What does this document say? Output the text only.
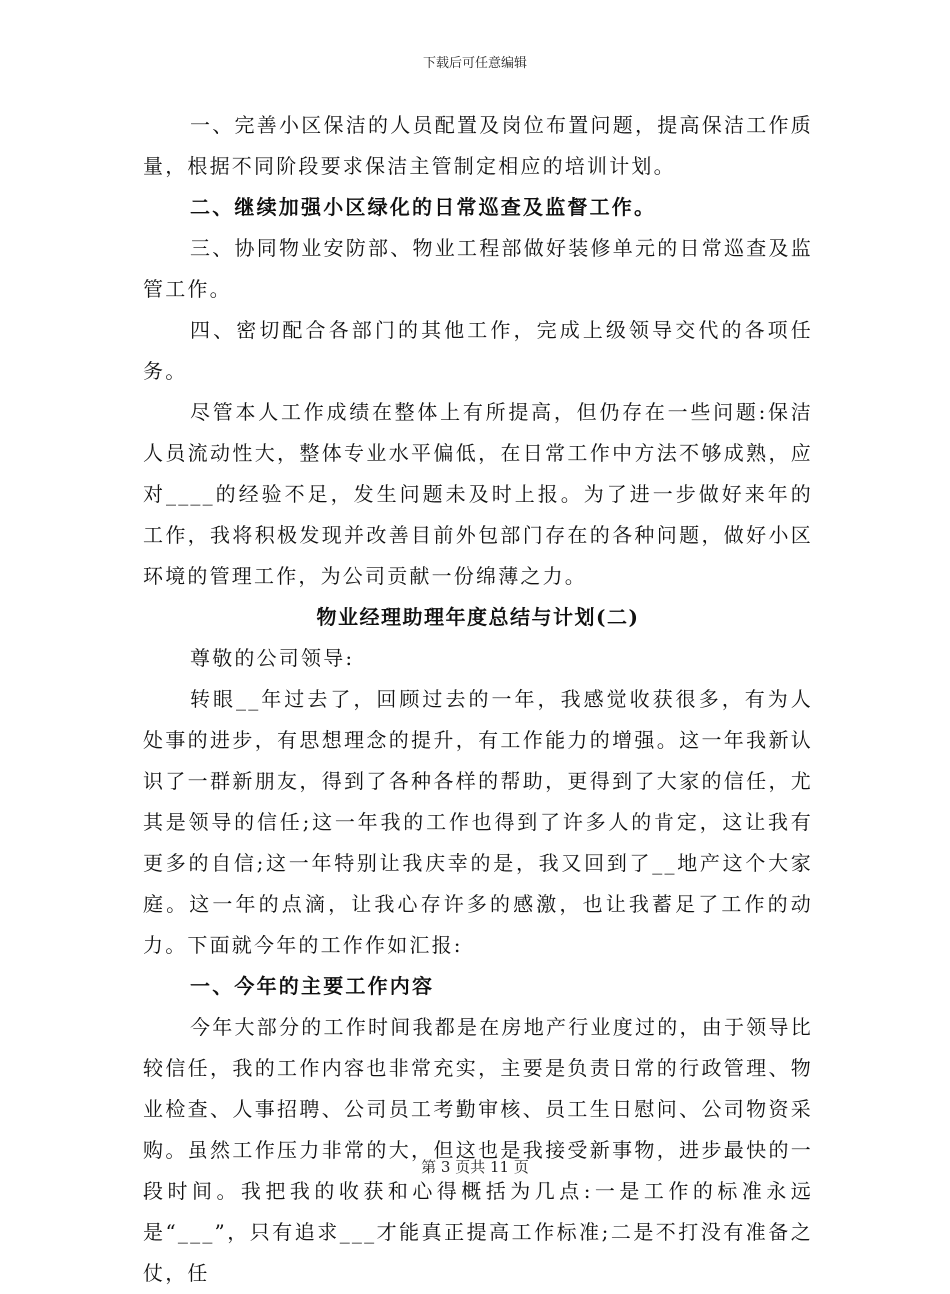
下载后可任意编辑

一、完善小区保洁的人员配置及岗位布置问题，提高保洁工作质量，根据不同阶段要求保洁主管制定相应的培训计划。

二、继续加强小区绿化的日常巡查及监督工作。

三、协同物业安防部、物业工程部做好装修单元的日常巡查及监管工作。

四、密切配合各部门的其他工作，完成上级领导交代的各项任务。

尽管本人工作成绩在整体上有所提高，但仍存在一些问题:保洁人员流动性大，整体专业水平偏低，在日常工作中方法不够成熟，应对____的经验不足，发生问题未及时上报。为了进一步做好来年的工作，我将积极发现并改善目前外包部门存在的各种问题，做好小区环境的管理工作，为公司贡献一份绵薄之力。

物业经理助理年度总结与计划(二)

尊敬的公司领导:

转眼__年过去了，回顾过去的一年，我感觉收获很多，有为人处事的进步，有思想理念的提升，有工作能力的增强。这一年我新认识了一群新朋友，得到了各种各样的帮助，更得到了大家的信任，尤其是领导的信任;这一年我的工作也得到了许多人的肯定，这让我有更多的自信;这一年特别让我庆幸的是，我又回到了__地产这个大家庭。这一年的点滴，让我心存许多的感激，也让我蓄足了工作的动力。下面就今年的工作作如汇报:

一、今年的主要工作内容

今年大部分的工作时间我都是在房地产行业度过的，由于领导比较信任，我的工作内容也非常充实，主要是负责日常的行政管理、物业检查、人事招聘、公司员工考勤审核、员工生日慰问、公司物资采购。虽然工作压力非常的大，但这也是我接受新事物，进步最快的一段时间。我把我的收获和心得概括为几点:一是工作的标准永远是“___”，只有追求___才能真正提高工作标准;二是不打没有准备之仗，任

第 3 页共 11 页
